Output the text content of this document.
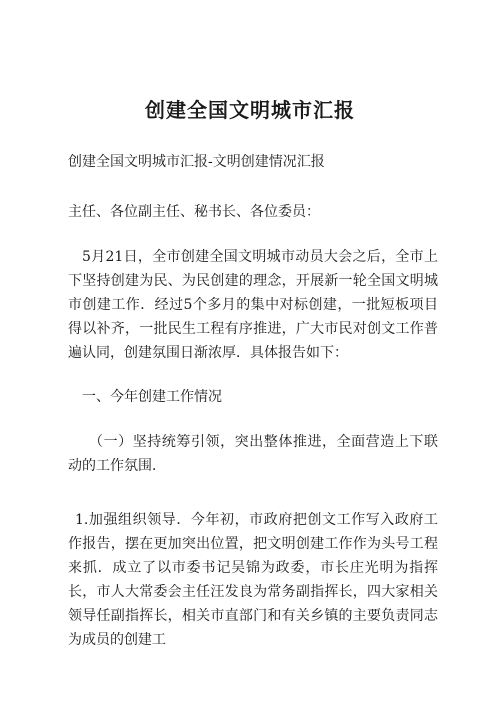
创建全国文明城市汇报

创建全国文明城市汇报-文明创建情况汇报

主任、各位副主任、秘书长、各位委员：

5月21日，全市创建全国文明城市动员大会之后，全市上下坚持创建为民、为民创建的理念，开展新一轮全国文明城市创建工作．经过5个多月的集中对标创建，一批短板项目得以补齐，一批民生工程有序推进，广大市民对创文工作普遍认同，创建氛围日渐浓厚．具体报告如下：

一、今年创建工作情况

（一）坚持统筹引领，突出整体推进，全面营造上下联动的工作氛围．

1.加强组织领导．今年初，市政府把创文工作写入政府工作报告，摆在更加突出位置，把文明创建工作作为头号工程来抓．成立了以市委书记吴锦为政委，市长庄光明为指挥长，市人大常委会主任汪发良为常务副指挥长，四大家相关领导任副指挥长，相关市直部门和有关乡镇的主要负责同志为成员的创建工
